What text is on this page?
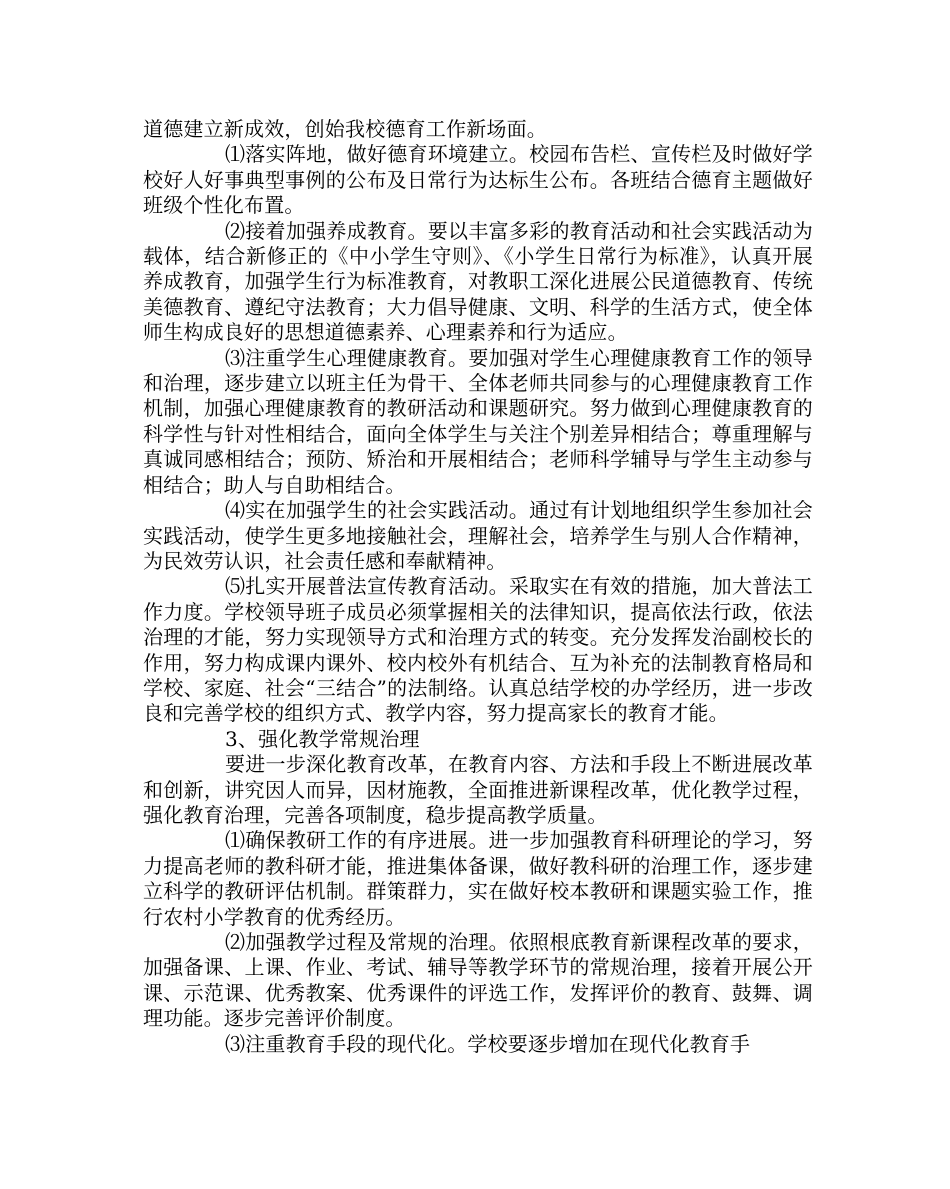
道德建立新成效，创始我校德育工作新场面。

⑴落实阵地，做好德育环境建立。校园布告栏、宣传栏及时做好学校好人好事典型事例的公布及日常行为达标生公布。各班结合德育主题做好班级个性化布置。

⑵接着加强养成教育。要以丰富多彩的教育活动和社会实践活动为载体，结合新修正的《中小学生守则》、《小学生日常行为标准》，认真开展养成教育，加强学生行为标准教育，对教职工深化进展公民道德教育、传统美德教育、遵纪守法教育；大力倡导健康、文明、科学的生活方式，使全体师生构成良好的思想道德素养、心理素养和行为适应。

⑶注重学生心理健康教育。要加强对学生心理健康教育工作的领导和治理，逐步建立以班主任为骨干、全体老师共同参与的心理健康教育工作机制，加强心理健康教育的教研活动和课题研究。努力做到心理健康教育的科学性与针对性相结合，面向全体学生与关注个别差异相结合；尊重理解与真诚同感相结合；预防、矫治和开展相结合；老师科学辅导与学生主动参与相结合；助人与自助相结合。

⑷实在加强学生的社会实践活动。通过有计划地组织学生参加社会实践活动，使学生更多地接触社会，理解社会，培养学生与别人合作精神，为民效劳认识，社会责任感和奉献精神。

⑸扎实开展普法宣传教育活动。采取实在有效的措施，加大普法工作力度。学校领导班子成员必须掌握相关的法律知识，提高依法行政，依法治理的才能，努力实现领导方式和治理方式的转变。充分发挥发治副校长的作用，努力构成课内课外、校内校外有机结合、互为补充的法制教育格局和学校、家庭、社会“三结合”的法制络。认真总结学校的办学经历，进一步改良和完善学校的组织方式、教学内容，努力提高家长的教育才能。

3、强化教学常规治理

要进一步深化教育改革，在教育内容、方法和手段上不断进展改革和创新，讲究因人而异，因材施教，全面推进新课程改革，优化教学过程，强化教育治理，完善各项制度，稳步提高教学质量。

⑴确保教研工作的有序进展。进一步加强教育科研理论的学习，努力提高老师的教科研才能，推进集体备课，做好教科研的治理工作，逐步建立科学的教研评估机制。群策群力，实在做好校本教研和课题实验工作，推行农村小学教育的优秀经历。

⑵加强教学过程及常规的治理。依照根底教育新课程改革的要求，加强备课、上课、作业、考试、辅导等教学环节的常规治理，接着开展公开课、示范课、优秀教案、优秀课件的评选工作，发挥评价的教育、鼓舞、调理功能。逐步完善评价制度。

⑶注重教育手段的现代化。学校要逐步增加在现代化教育手
